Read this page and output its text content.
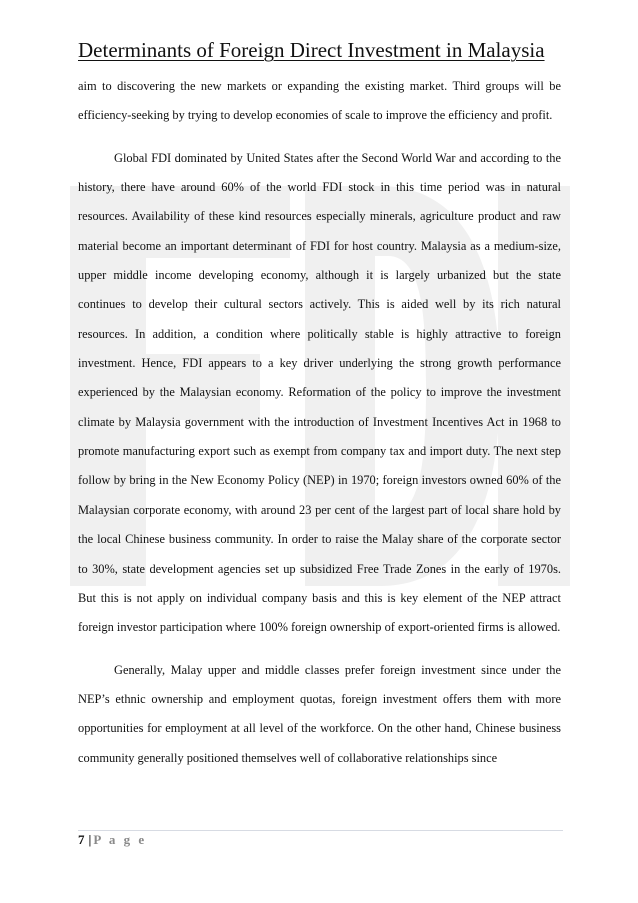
Determinants of Foreign Direct Investment in Malaysia

aim to discovering the new markets or expanding the existing market. Third groups will be efficiency-seeking by trying to develop economies of scale to improve the efficiency and profit.

Global FDI dominated by United States after the Second World War and according to the history, there have around 60% of the world FDI stock in this time period was in natural resources. Availability of these kind resources especially minerals, agriculture product and raw material become an important determinant of FDI for host country. Malaysia as a medium-size, upper middle income developing economy, although it is largely urbanized but the state continues to develop their cultural sectors actively. This is aided well by its rich natural resources. In addition, a condition where politically stable is highly attractive to foreign investment. Hence, FDI appears to a key driver underlying the strong growth performance experienced by the Malaysian economy. Reformation of the policy to improve the investment climate by Malaysia government with the introduction of Investment Incentives Act in 1968 to promote manufacturing export such as exempt from company tax and import duty. The next step follow by bring in the New Economy Policy (NEP) in 1970; foreign investors owned 60% of the Malaysian corporate economy, with around 23 per cent of the largest part of local share hold by the local Chinese business community. In order to raise the Malay share of the corporate sector to 30%, state development agencies set up subsidized Free Trade Zones in the early of 1970s. But this is not apply on individual company basis and this is key element of the NEP attract foreign investor participation where 100% foreign ownership of export-oriented firms is allowed.

Generally, Malay upper and middle classes prefer foreign investment since under the NEP’s ethnic ownership and employment quotas, foreign investment offers them with more opportunities for employment at all level of the workforce. On the other hand, Chinese business community generally positioned themselves well of collaborative relationships since

7 | P a g e
